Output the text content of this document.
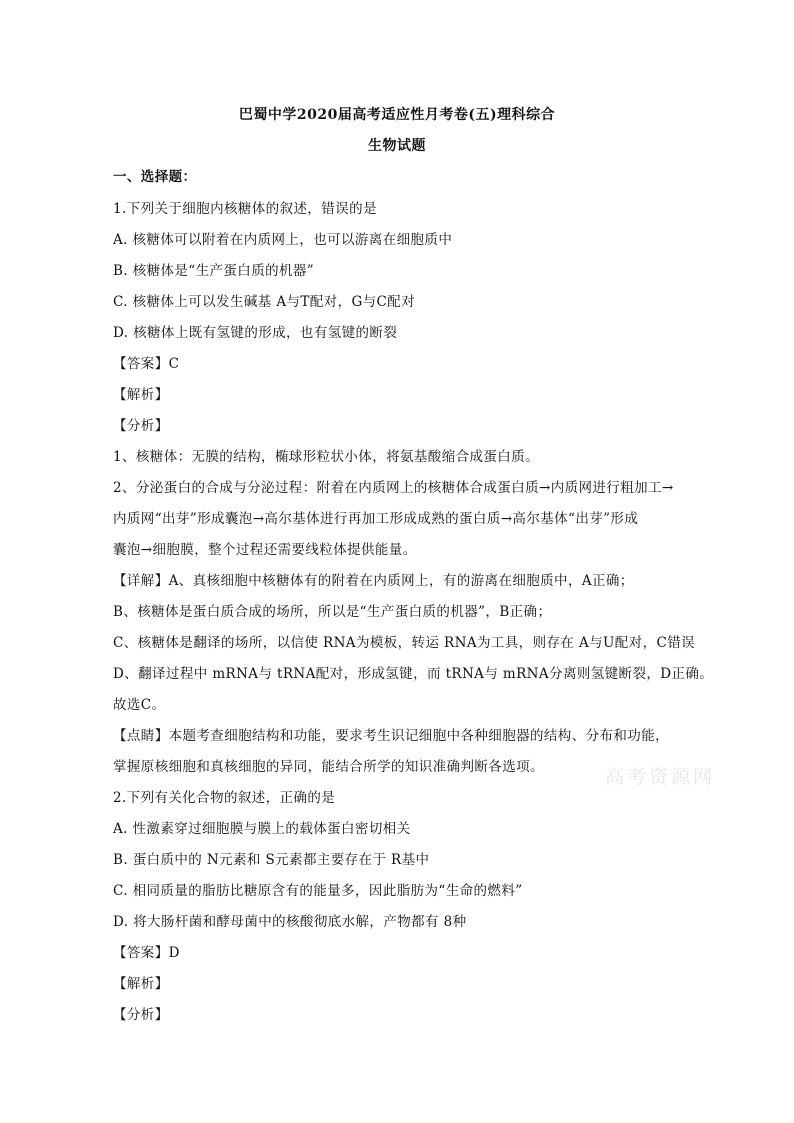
巴蜀中学2020届高考适应性月考卷(五)理科综合
生物试题
一、选择题：
1.下列关于细胞内核糖体的叙述，错误的是
A. 核糖体可以附着在内质网上，也可以游离在细胞质中
B. 核糖体是“生产蛋白质的机器”
C. 核糖体上可以发生碱基 A与T配对，G与C配对
D. 核糖体上既有氢键的形成，也有氢键的断裂
【答案】C
【解析】
【分析】
1、核糖体：无膜的结构，椭球形粒状小体，将氨基酸缩合成蛋白质。
2、分泌蛋白的合成与分泌过程：附着在内质网上的核糖体合成蛋白质→内质网进行粗加工→
内质网“出芽”形成囊泡→高尔基体进行再加工形成成熟的蛋白质→高尔基体“出芽”形成
囊泡→细胞膜，整个过程还需要线粒体提供能量。
【详解】A、真核细胞中核糖体有的附着在内质网上，有的游离在细胞质中，A正确；
B、核糖体是蛋白质合成的场所，所以是“生产蛋白质的机器”，B正确；
C、核糖体是翻译的场所，以信使 RNA为模板，转运 RNA为工具，则存在 A与U配对，C错误
D、翻译过程中 mRNA与 tRNA配对，形成氢键，而 tRNA与 mRNA分离则氢键断裂，D正确。
故选C。
【点睛】本题考查细胞结构和功能，要求考生识记细胞中各种细胞器的结构、分布和功能，
掌握原核细胞和真核细胞的异同，能结合所学的知识准确判断各选项。	高考资源网
2.下列有关化合物的叙述，正确的是
A. 性激素穿过细胞膜与膜上的载体蛋白密切相关
B. 蛋白质中的 N元素和 S元素都主要存在于 R基中
C. 相同质量的脂肪比糖原含有的能量多，因此脂肪为“生命的燃料”
D. 将大肠杆菌和酵母菌中的核酸彻底水解，产物都有 8种
【答案】D
【解析】
【分析】
